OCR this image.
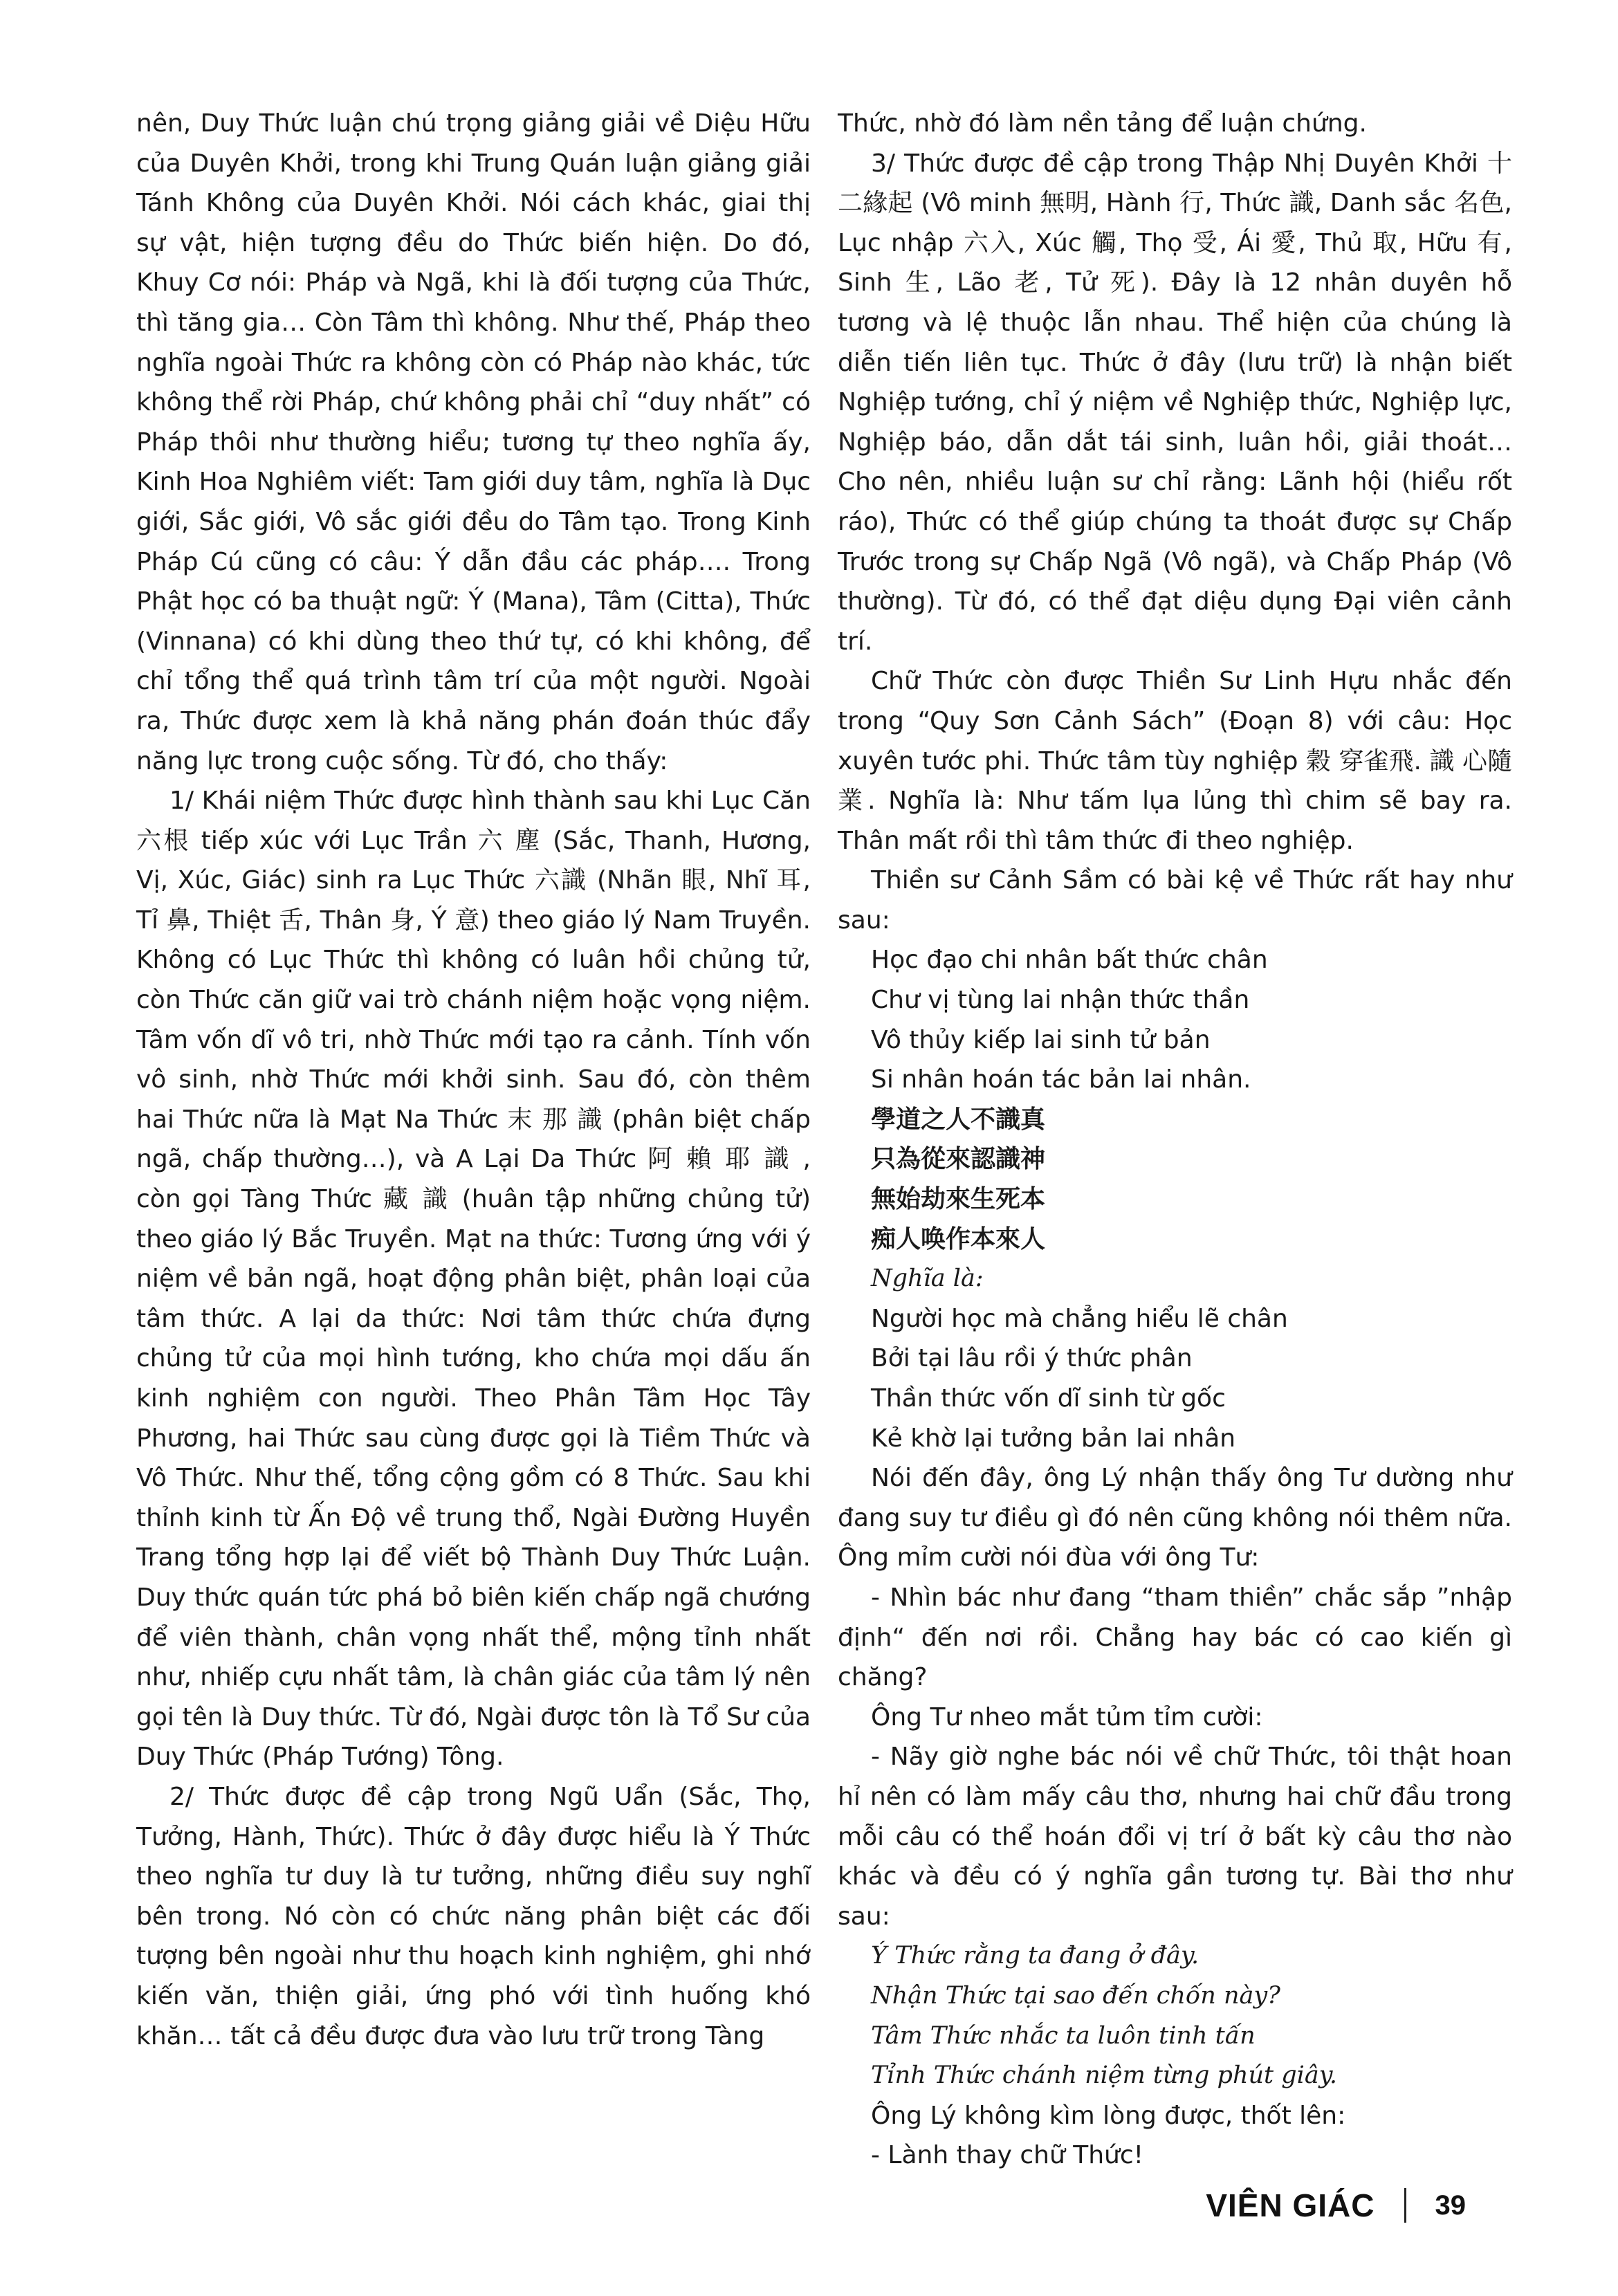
nên, Duy Thức luận chú trọng giảng giải về Diệu Hữu của Duyên Khởi, trong khi Trung Quán luận giảng giải Tánh Không của Duyên Khởi. Nói cách khác, giai thị sự vật, hiện tượng đều do Thức biến hiện. Do đó, Khuy Cơ nói: Pháp và Ngã, khi là đối tượng của Thức, thì tăng gia… Còn Tâm thì không. Như thế, Pháp theo nghĩa ngoài Thức ra không còn có Pháp nào khác, tức không thể rời Pháp, chứ không phải chỉ “duy nhất” có Pháp thôi như thường hiểu; tương tự theo nghĩa ấy, Kinh Hoa Nghiêm viết: Tam giới duy tâm, nghĩa là Dục giới, Sắc giới, Vô sắc giới đều do Tâm tạo. Trong Kinh Pháp Cú cũng có câu: Ý dẫn đầu các pháp…. Trong Phật học có ba thuật ngữ: Ý (Mana), Tâm (Citta), Thức (Vinnana) có khi dùng theo thứ tự, có khi không, để chỉ tổng thể quá trình tâm trí của một người. Ngoài ra, Thức được xem là khả năng phán đoán thúc đẩy năng lực trong cuộc sống. Từ đó, cho thấy:

1/ Khái niệm Thức được hình thành sau khi Lục Căn 六根 tiếp xúc với Lục Trần 六 塵 (Sắc, Thanh, Hương, Vị, Xúc, Giác) sinh ra Lục Thức 六識 (Nhãn 眼, Nhĩ 耳, Tỉ 鼻, Thiệt 舌, Thân 身, Ý 意) theo giáo lý Nam Truyền. Không có Lục Thức thì không có luân hồi chủng tử, còn Thức căn giữ vai trò chánh niệm hoặc vọng niệm. Tâm vốn dĩ vô tri, nhờ Thức mới tạo ra cảnh. Tính vốn vô sinh, nhờ Thức mới khởi sinh. Sau đó, còn thêm hai Thức nữa là Mạt Na Thức 末 那 識 (phân biệt chấp ngã, chấp thường…), và A Lại Da Thức 阿 賴 耶 識 , còn gọi Tàng Thức 藏 識 (huân tập những chủng tử) theo giáo lý Bắc Truyền. Mạt na thức: Tương ứng với ý niệm về bản ngã, hoạt động phân biệt, phân loại của tâm thức. A lại da thức: Nơi tâm thức chứa đựng chủng tử của mọi hình tướng, kho chứa mọi dấu ấn kinh nghiệm con người. Theo Phân Tâm Học Tây Phương, hai Thức sau cùng được gọi là Tiềm Thức và Vô Thức. Như thế, tổng cộng gồm có 8 Thức. Sau khi thỉnh kinh từ Ấn Độ về trung thổ, Ngài Đường Huyền Trang tổng hợp lại để viết bộ Thành Duy Thức Luận. Duy thức quán tức phá bỏ biên kiến chấp ngã chướng để viên thành, chân vọng nhất thể, mộng tỉnh nhất như, nhiếp cựu nhất tâm, là chân giác của tâm lý nên gọi tên là Duy thức. Từ đó, Ngài được tôn là Tổ Sư của Duy Thức (Pháp Tướng) Tông.

2/ Thức được đề cập trong Ngũ Uẩn (Sắc, Thọ, Tưởng, Hành, Thức). Thức ở đây được hiểu là Ý Thức theo nghĩa tư duy là tư tưởng, những điều suy nghĩ bên trong. Nó còn có chức năng phân biệt các đối tượng bên ngoài như thu hoạch kinh nghiệm, ghi nhớ kiến văn, thiện giải, ứng phó với tình huống khó khăn… tất cả đều được đưa vào lưu trữ trong Tàng

Thức, nhờ đó làm nền tảng để luận chứng.

3/ Thức được đề cập trong Thập Nhị Duyên Khởi 十二緣起 (Vô minh 無明, Hành 行, Thức 識, Danh sắc 名色, Lục nhập 六入, Xúc 觸, Thọ 受, Ái 愛, Thủ 取, Hữu 有, Sinh 生, Lão 老, Tử 死). Đây là 12 nhân duyên hỗ tương và lệ thuộc lẫn nhau. Thể hiện của chúng là diễn tiến liên tục. Thức ở đây (lưu trữ) là nhận biết Nghiệp tướng, chỉ ý niệm về Nghiệp thức, Nghiệp lực, Nghiệp báo, dẫn dắt tái sinh, luân hồi, giải thoát… Cho nên, nhiều luận sư chỉ rằng: Lãnh hội (hiểu rốt ráo), Thức có thể giúp chúng ta thoát được sự Chấp Trước trong sự Chấp Ngã (Vô ngã), và Chấp Pháp (Vô thường). Từ đó, có thể đạt diệu dụng Đại viên cảnh trí.

Chữ Thức còn được Thiền Sư Linh Hựu nhắc đến trong “Quy Sơn Cảnh Sách” (Đoạn 8) với câu: Học xuyên tước phi. Thức tâm tùy nghiệp 穀 穿雀飛. 識 心隨業. Nghĩa là: Như tấm lụa lủng thì chim sẽ bay ra. Thân mất rồi thì tâm thức đi theo nghiệp.

Thiền sư Cảnh Sầm có bài kệ về Thức rất hay như sau:

Học đạo chi nhân bất thức chân

Chư vị tùng lai nhận thức thần

Vô thủy kiếp lai sinh tử bản

Si nhân hoán tác bản lai nhân.

學道之人不識真

只為從來認識神

無始劫來生死本

痴人唤作本來人

Nghĩa là:

Người học mà chẳng hiểu lẽ chân

Bởi tại lâu rồi ý thức phân

Thần thức vốn dĩ sinh từ gốc

Kẻ khờ lại tưởng bản lai nhân

Nói đến đây, ông Lý nhận thấy ông Tư dường như đang suy tư điều gì đó nên cũng không nói thêm nữa. Ông mỉm cười nói đùa với ông Tư:

- Nhìn bác như đang “tham thiền” chắc sắp ”nhập định“ đến nơi rồi. Chẳng hay bác có cao kiến gì chăng?

Ông Tư nheo mắt tủm tỉm cười:

- Nãy giờ nghe bác nói về chữ Thức, tôi thật hoan hỉ nên có làm mấy câu thơ, nhưng hai chữ đầu trong mỗi câu có thể hoán đổi vị trí ở bất kỳ câu thơ nào khác và đều có ý nghĩa gần tương tự. Bài thơ như sau:

Ý Thức rằng ta đang ở đây.

Nhận Thức tại sao đến chốn này?

Tâm Thức nhắc ta luôn tinh tấn

Tỉnh Thức chánh niệm từng phút giây.

Ông Lý không kìm lòng được, thốt lên:

- Lành thay chữ Thức!

VIÊN GIÁC 39
